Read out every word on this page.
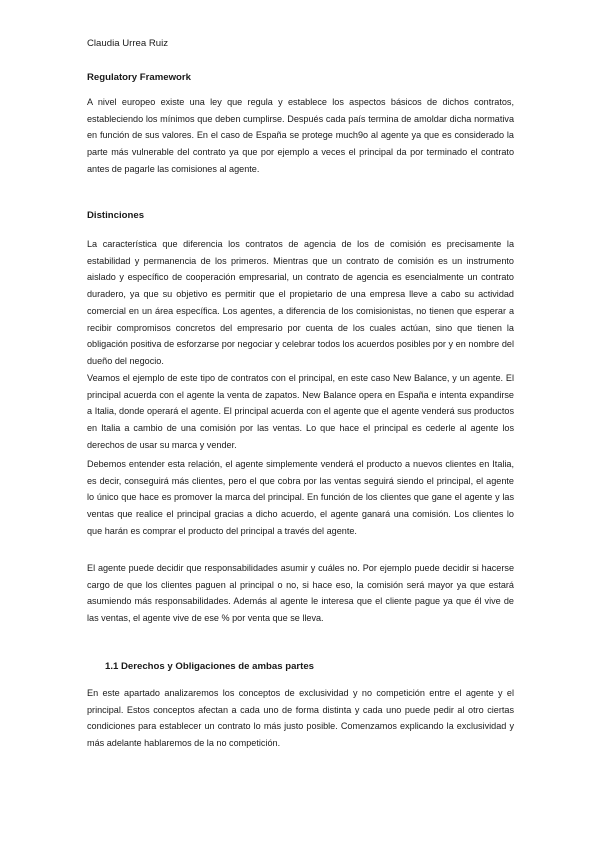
Claudia Urrea Ruiz
Regulatory Framework

A nivel europeo existe una ley que regula y establece los aspectos básicos de dichos contratos, estableciendo los mínimos que deben cumplirse. Después cada país termina de amoldar dicha normativa en función de sus valores. En el caso de España se protege much9o al agente ya que es considerado la parte más vulnerable del contrato ya que por ejemplo a veces el principal da por terminado el contrato antes de pagarle las comisiones al agente.

Distinciones

La característica que diferencia los contratos de agencia de los de comisión es precisamente la estabilidad y permanencia de los primeros. Mientras que un contrato de comisión es un instrumento aislado y específico de cooperación empresarial, un contrato de agencia es esencialmente un contrato duradero, ya que su objetivo es permitir que el propietario de una empresa lleve a cabo su actividad comercial en un área específica. Los agentes, a diferencia de los comisionistas, no tienen que esperar a recibir compromisos concretos del empresario por cuenta de los cuales actúan, sino que tienen la obligación positiva de esforzarse por negociar y celebrar todos los acuerdos posibles por y en nombre del dueño del negocio.

Veamos el ejemplo de este tipo de contratos con el principal, en este caso New Balance, y un agente. El principal acuerda con el agente la venta de zapatos. New Balance opera en España e intenta expandirse a Italia, donde operará el agente. El principal acuerda con el agente que el agente venderá sus productos en Italia a cambio de una comisión por las ventas. Lo que hace el principal es cederle al agente los derechos de usar su marca y vender.

Debemos entender esta relación, el agente simplemente venderá el producto a nuevos clientes en Italia, es decir, conseguirá más clientes, pero el que cobra por las ventas seguirá siendo el principal, el agente lo único que hace es promover la marca del principal. En función de los clientes que gane el agente y las ventas que realice el principal gracias a dicho acuerdo, el agente ganará una comisión. Los clientes lo que harán es comprar el producto del principal a través del agente.

El agente puede decidir que responsabilidades asumir y cuáles no. Por ejemplo puede decidir si hacerse cargo de que los clientes paguen al principal o no, si hace eso, la comisión será mayor ya que estará asumiendo más responsabilidades. Además al agente le interesa que el cliente pague ya que él vive de las ventas, el agente vive de ese % por venta que se lleva.

1.1 Derechos y Obligaciones de ambas partes

En este apartado analizaremos los conceptos de exclusividad y no competición entre el agente y el principal. Estos conceptos afectan a cada uno de forma distinta y cada uno puede pedir al otro ciertas condiciones para establecer un contrato lo más justo posible. Comenzamos explicando la exclusividad y más adelante hablaremos de la no competición.
